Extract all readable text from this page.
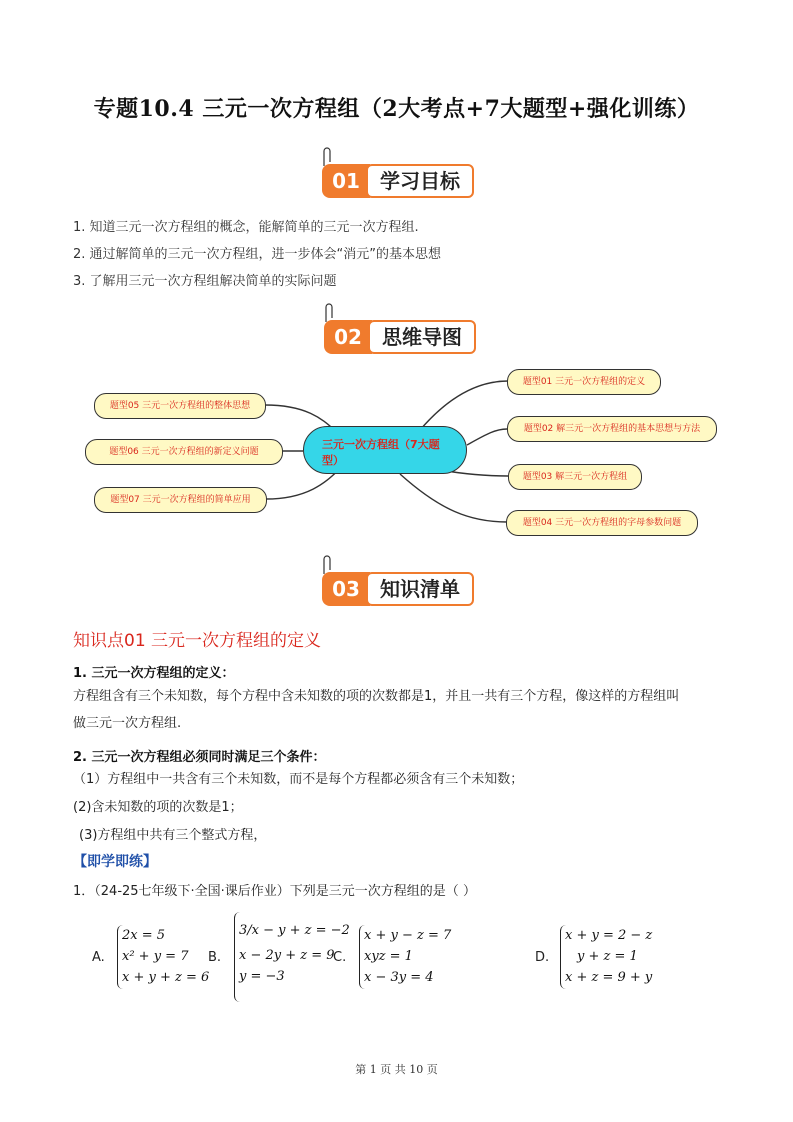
专题10.4 三元一次方程组（2大考点+7大题型+强化训练）
01	学习目标
1. 知道三元一次方程组的概念，能解简单的三元一次方程组.
2. 通过解简单的三元一次方程组，进一步体会“消元”的基本思想
3. 了解用三元一次方程组解决简单的实际问题
02	思维导图
题型05 三元一次方程组的整体思想
题型06 三元一次方程组的新定义问题
题型07 三元一次方程组的简单应用
三元一次方程组（7大题型）
题型01 三元一次方程组的定义
题型02 解三元一次方程组的基本思想与方法
题型03 解三元一次方程组
题型04 三元一次方程组的字母参数问题
03	知识清单
知识点01 三元一次方程组的定义
1. 三元一次方程组的定义：
方程组含有三个未知数，每个方程中含未知数的项的次数都是1，并且一共有三个方程，像这样的方程组叫
做三元一次方程组.
2. 三元一次方程组必须同时满足三个条件：
（1）方程组中一共含有三个未知数，而不是每个方程都必须含有三个未知数；
(2)含未知数的项的次数是1；
(3)方程组中共有三个整式方程，
【即学即练】
1．（24-25七年级下·全国·课后作业）下列是三元一次方程组的是（ ）
A.
2x = 5
x² + y = 7
x + y + z = 6
B.
3/x − y + z = −2
x − 2y + z = 9
y = −3
C.
x + y − z = 7
xyz = 1
x − 3y = 4
D.
x + y = 2 − z
y + z = 1
x + z = 9 + y
第 1 页 共 10 页
